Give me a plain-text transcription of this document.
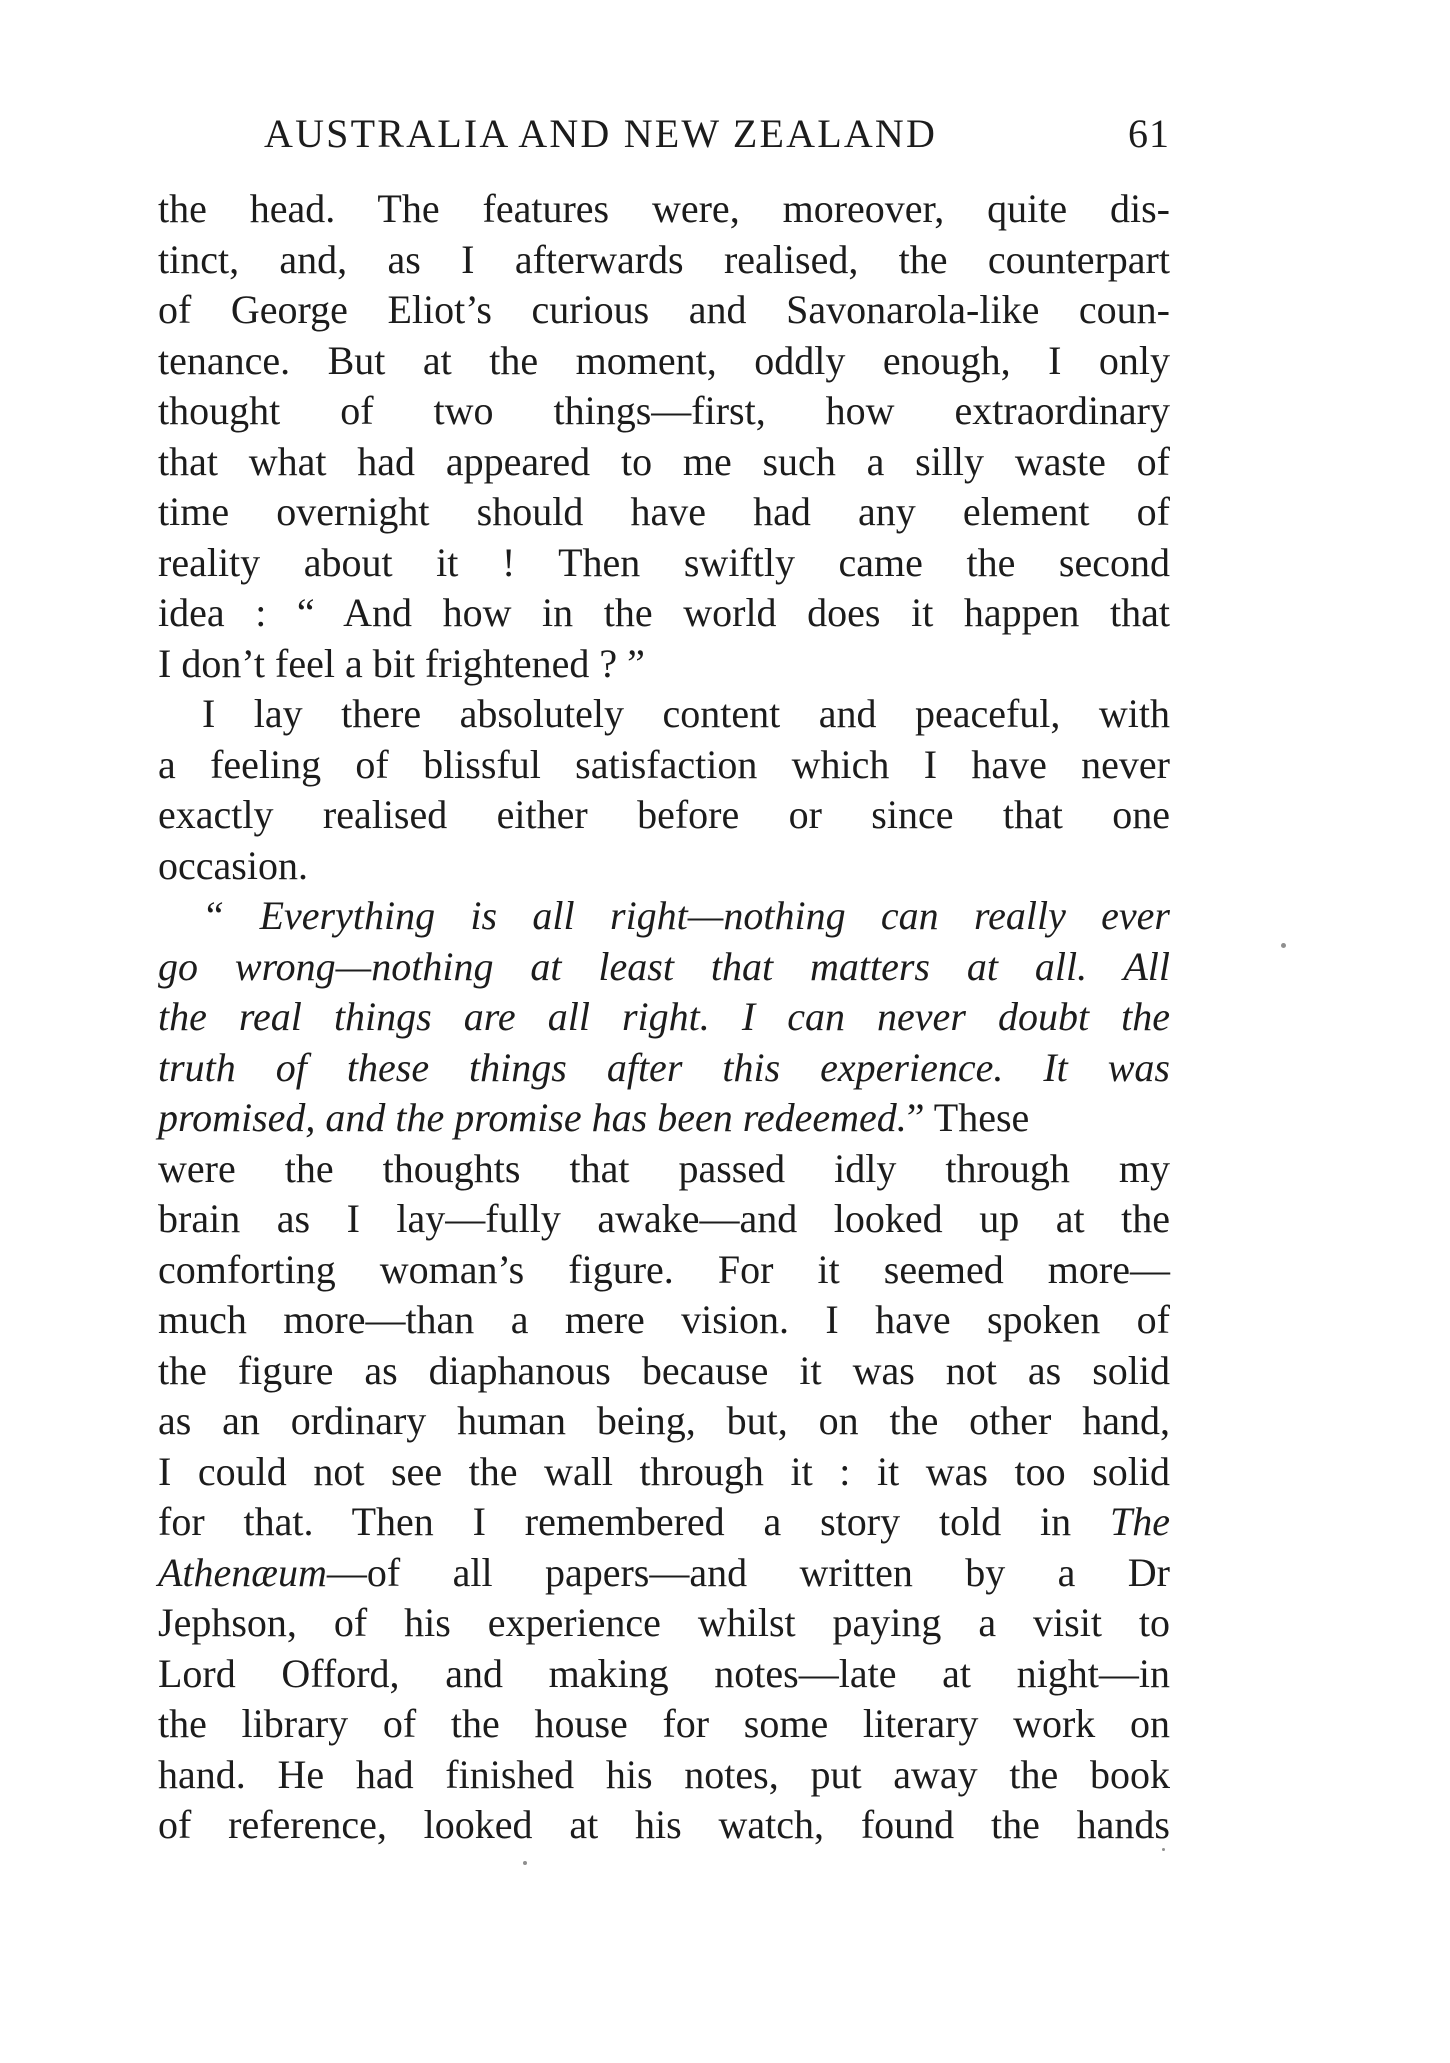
AUSTRALIA AND NEW ZEALAND	61
the head. The features were, moreover, quite dis-
tinct, and, as I afterwards realised, the counterpart
of George Eliot’s curious and Savonarola-like coun-
tenance. But at the moment, oddly enough, I only
thought of two things—first, how extraordinary
that what had appeared to me such a silly waste of
time overnight should have had any element of
reality about it ! Then swiftly came the second
idea : “ And how in the world does it happen that
I don’t feel a bit frightened ? ”
I lay there absolutely content and peaceful, with
a feeling of blissful satisfaction which I have never
exactly realised either before or since that one
occasion.
“ Everything is all right—nothing can really ever
go wrong—nothing at least that matters at all. All
the real things are all right. I can never doubt the
truth of these things after this experience. It was
promised, and the promise has been redeemed.” These
were the thoughts that passed idly through my
brain as I lay—fully awake—and looked up at the
comforting woman’s figure. For it seemed more—
much more—than a mere vision. I have spoken of
the figure as diaphanous because it was not as solid
as an ordinary human being, but, on the other hand,
I could not see the wall through it : it was too solid
for that. Then I remembered a story told in The
Athenæum—of all papers—and written by a Dr
Jephson, of his experience whilst paying a visit to
Lord Offord, and making notes—late at night—in
the library of the house for some literary work on
hand. He had finished his notes, put away the book
of reference, looked at his watch, found the hands
